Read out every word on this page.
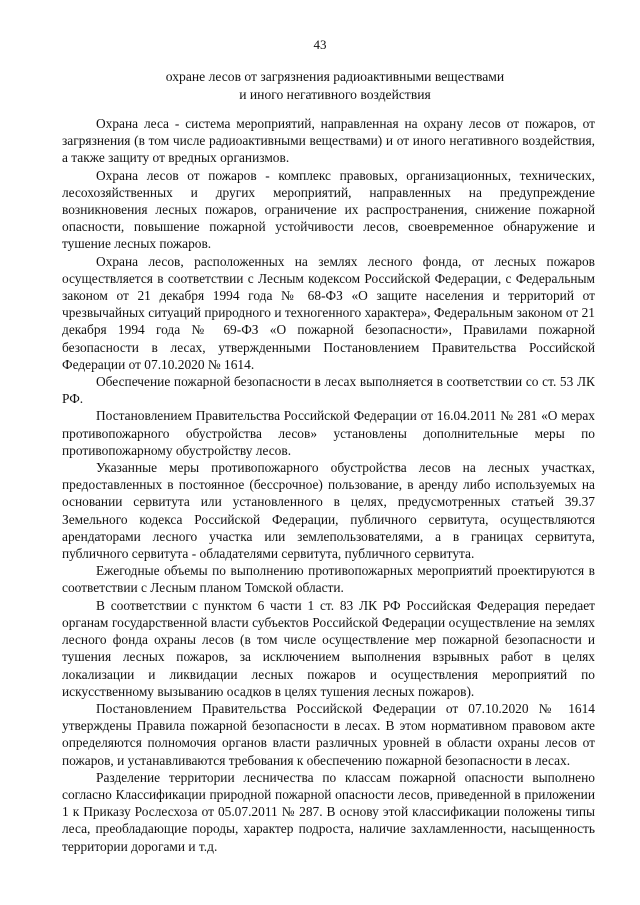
43
охране лесов от загрязнения радиоактивными веществами
и иного негативного воздействия

Охрана леса - система мероприятий, направленная на охрану лесов от пожаров, от загрязнения (в том числе радиоактивными веществами) и от иного негативного воздействия, а также защиту от вредных организмов.

Охрана лесов от пожаров - комплекс правовых, организационных, технических, лесохозяйственных и других мероприятий, направленных на предупреждение возникновения лесных пожаров, ограничение их распространения, снижение пожарной опасности, повышение пожарной устойчивости лесов, своевременное обнаружение и тушение лесных пожаров.

Охрана лесов, расположенных на землях лесного фонда, от лесных пожаров осуществляется в соответствии с Лесным кодексом Российской Федерации, с Федеральным законом от 21 декабря 1994 года № 68-ФЗ «О защите населения и территорий от чрезвычайных ситуаций природного и техногенного характера», Федеральным законом от 21 декабря 1994 года № 69-ФЗ «О пожарной безопасности», Правилами пожарной безопасности в лесах, утвержденными Постановлением Правительства Российской Федерации от 07.10.2020 № 1614.

Обеспечение пожарной безопасности в лесах выполняется в соответствии со ст. 53 ЛК РФ.

Постановлением Правительства Российской Федерации от 16.04.2011 № 281 «О мерах противопожарного обустройства лесов» установлены дополнительные меры по противопожарному обустройству лесов.

Указанные меры противопожарного обустройства лесов на лесных участках, предоставленных в постоянное (бессрочное) пользование, в аренду либо используемых на основании сервитута или установленного в целях, предусмотренных статьей 39.37 Земельного кодекса Российской Федерации, публичного сервитута, осуществляются арендаторами лесного участка или землепользователями, а в границах сервитута, публичного сервитута - обладателями сервитута, публичного сервитута.

Ежегодные объемы по выполнению противопожарных мероприятий проектируются в соответствии с Лесным планом Томской области.

В соответствии с пунктом 6 части 1 ст. 83 ЛК РФ Российская Федерация передает органам государственной власти субъектов Российской Федерации осуществление на землях лесного фонда охраны лесов (в том числе осуществление мер пожарной безопасности и тушения лесных пожаров, за исключением выполнения взрывных работ в целях локализации и ликвидации лесных пожаров и осуществления мероприятий по искусственному вызыванию осадков в целях тушения лесных пожаров).

Постановлением Правительства Российской Федерации от 07.10.2020 № 1614 утверждены Правила пожарной безопасности в лесах. В этом нормативном правовом акте определяются полномочия органов власти различных уровней в области охраны лесов от пожаров, и устанавливаются требования к обеспечению пожарной безопасности в лесах.

Разделение территории лесничества по классам пожарной опасности выполнено согласно Классификации природной пожарной опасности лесов, приведенной в приложении 1 к Приказу Рослесхоза от 05.07.2011 № 287. В основу этой классификации положены типы леса, преобладающие породы, характер подроста, наличие захламленности, насыщенность территории дорогами и т.д.
